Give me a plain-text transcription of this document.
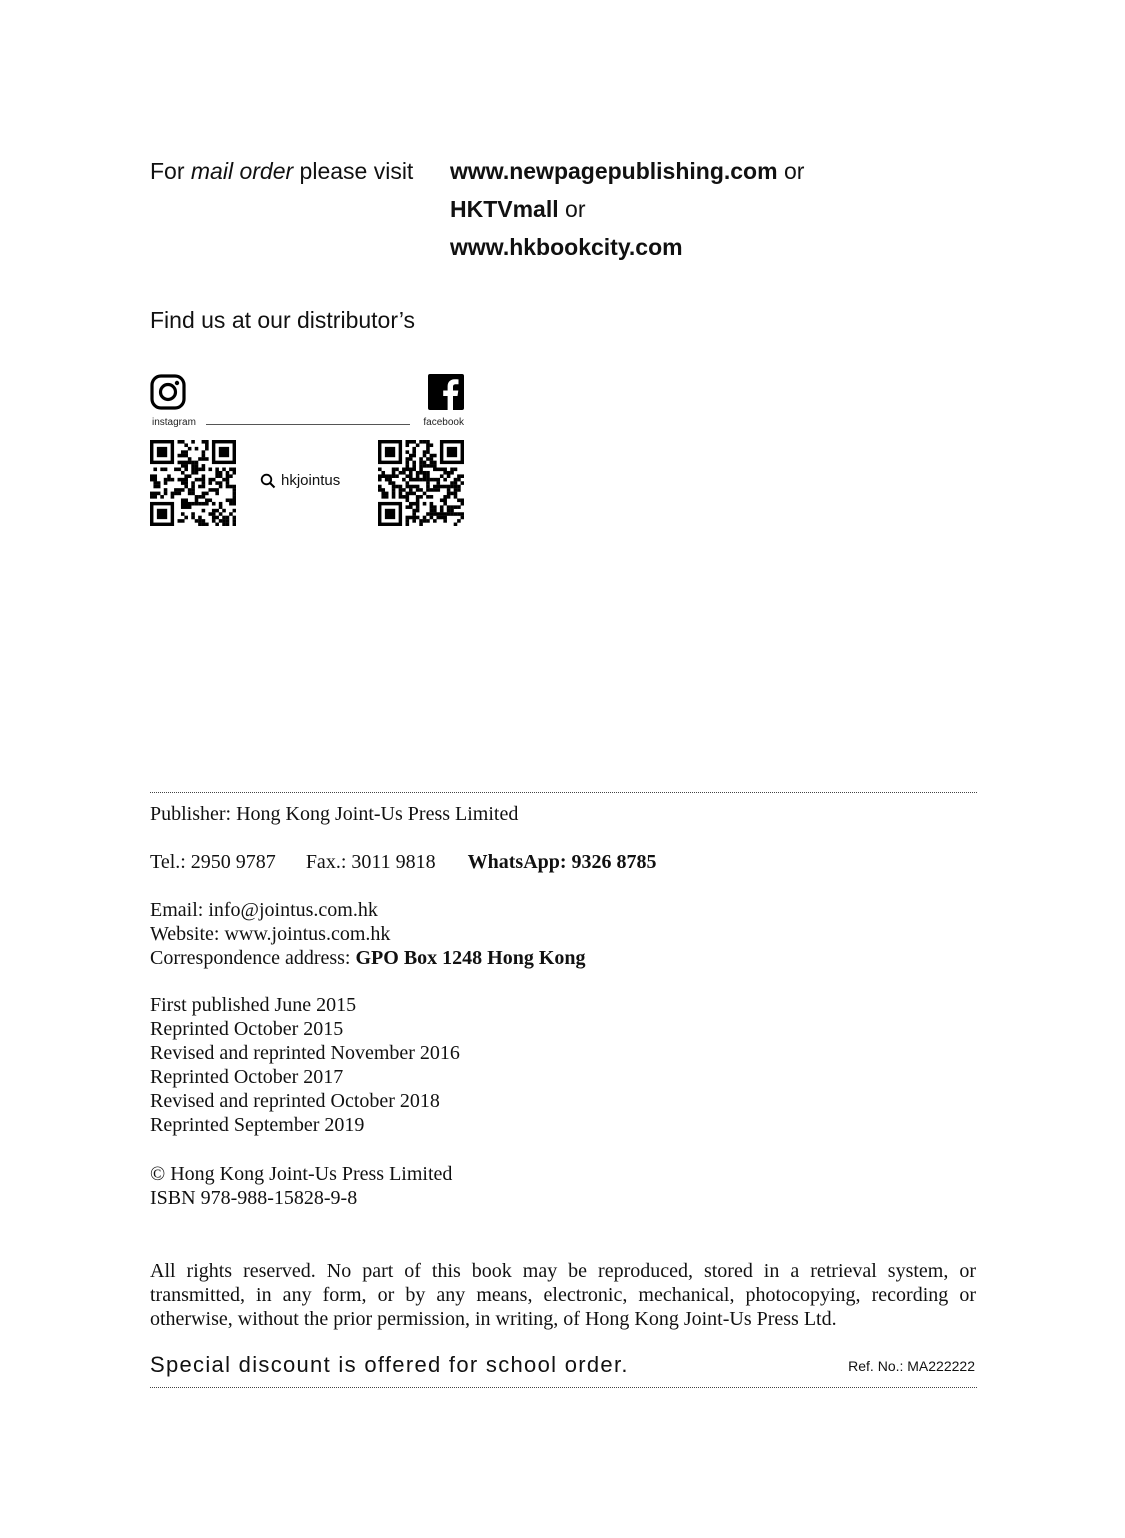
For mail order please visit www.newpagepublishing.com or
HKTVmall or
www.hkbookcity.com
Find us at our distributor’s
instagram	facebook
hkjointus
Publisher: Hong Kong Joint-Us Press Limited
Tel.: 2950 9787 Fax.: 3011 9818 WhatsApp: 9326 8785
Email: info@jointus.com.hk
Website: www.jointus.com.hk
Correspondence address: GPO Box 1248 Hong Kong
First published June 2015
Reprinted October 2015
Revised and reprinted November 2016
Reprinted October 2017
Revised and reprinted October 2018
Reprinted September 2019
© Hong Kong Joint-Us Press Limited
ISBN 978-988-15828-9-8
All rights reserved. No part of this book may be reproduced, stored in a retrieval system, or transmitted, in any form, or by any means, electronic, mechanical, photocopying, recording or otherwise, without the prior permission, in writing, of Hong Kong Joint-Us Press Ltd.
Special discount is offered for school order.	Ref. No.: MA222222
